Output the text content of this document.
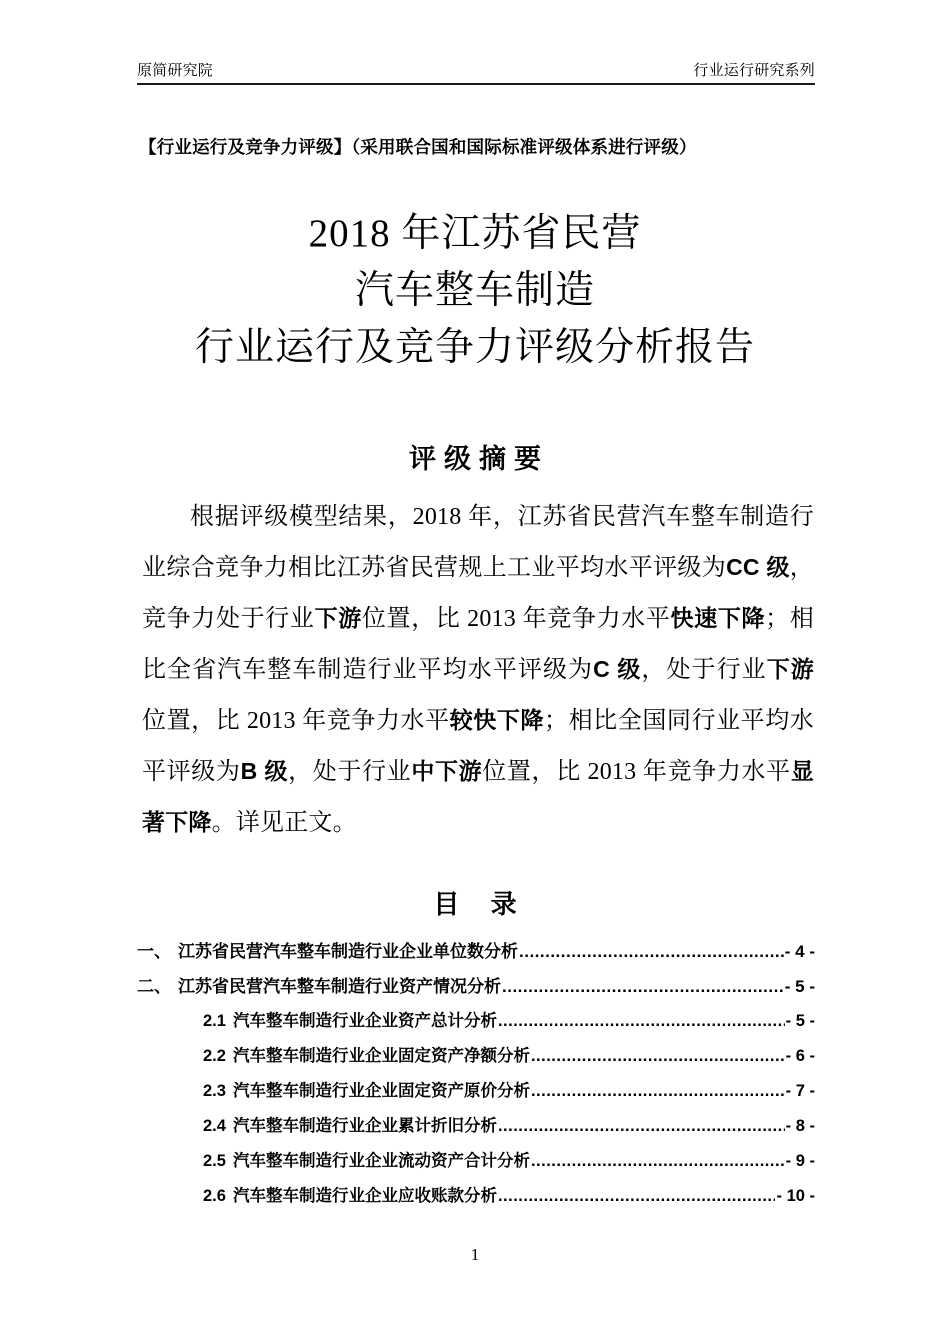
原简研究院	行业运行研究系列
【行业运行及竞争力评级】（采用联合国和国际标准评级体系进行评级）
2018 年江苏省民营
汽车整车制造
行业运行及竞争力评级分析报告
评级摘要
根据评级模型结果，2018 年，江苏省民营汽车整车制造行业综合竞争力相比江苏省民营规上工业平均水平评级为CC 级，竞争力处于行业下游位置，比 2013 年竞争力水平快速下降；相比全省汽车整车制造行业平均水平评级为C 级，处于行业下游位置，比 2013 年竞争力水平较快下降；相比全国同行业平均水平评级为B 级，处于行业中下游位置，比 2013 年竞争力水平显著下降。详见正文。
目 录
一、 江苏省民营汽车整车制造行业企业单位数分析 .....	- 4 -
二、 江苏省民营汽车整车制造行业资产情况分析 .....	- 5 -
2.1 汽车整车制造行业企业资产总计分析 .....	- 5 -
2.2 汽车整车制造行业企业固定资产净额分析 .....	- 6 -
2.3 汽车整车制造行业企业固定资产原价分析 .....	- 7 -
2.4 汽车整车制造行业企业累计折旧分析 .....	- 8 -
2.5 汽车整车制造行业企业流动资产合计分析 .....	- 9 -
2.6 汽车整车制造行业企业应收账款分析 .....	- 10 -
1
